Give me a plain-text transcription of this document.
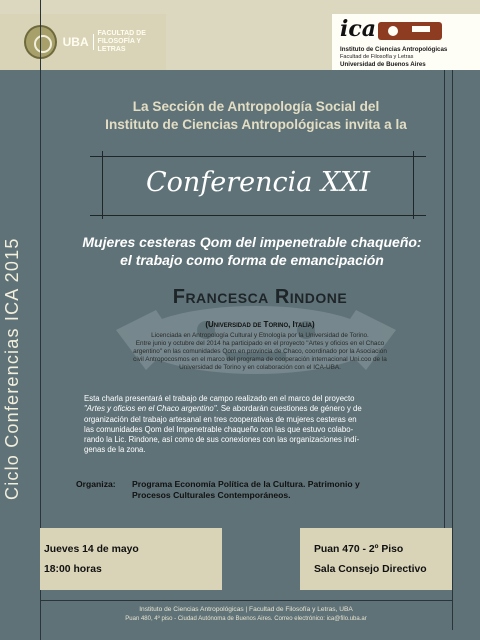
UBA
FACULTAD DE
FILOSOFÍA Y LETRAS
ica
Instituto de Ciencias Antropológicas
Facultad de Filosofía y Letras
Universidad de Buenos Aires
Ciclo Conferencias ICA 2015
La Sección de Antropología Social del
Instituto de Ciencias Antropológicas invita a la
Conferencia XXI
Mujeres cesteras Qom del impenetrable chaqueño:
el trabajo como forma de emancipación
Francesca Rindone
(Universidad de Torino, Italia)
Licenciada en Antropología Cultural y Etnología por la Universidad de Torino.
Entre junio y octubre del 2014 ha participado en el proyecto "Artes y oficios en el Chaco
argentino" en las comunidades Qom en provincia de Chaco, coordinado por la Asociación
civil Antropocosmos en el marco del programa de cooperación internacional Uni.coo de la
Universidad de Torino y en colaboración con el ICA-UBA.
Esta charla presentará el trabajo de campo realizado en el marco del proyecto
"Artes y oficios en el Chaco argentino". Se abordarán cuestiones de género y de
organización del trabajo artesanal en tres cooperativas de mujeres cesteras en
las comunidades Qom del Impenetrable chaqueño con las que estuvo colabo-
rando la Lic. Rindone, así como de sus conexiones con las organizaciones indí-
genas de la zona.
Organiza: Programa Economía Política de la Cultura. Patrimonio y
Procesos Culturales Contemporáneos.
Jueves 14 de mayo
18:00 horas
Puan 470 - 2º Piso
Sala Consejo Directivo
Instituto de Ciencias Antropológicas | Facultad de Filosofía y Letras, UBA
Puan 480, 4º piso - Ciudad Autónoma de Buenos Aires. Correo electrónico: ica@filo.uba.ar
